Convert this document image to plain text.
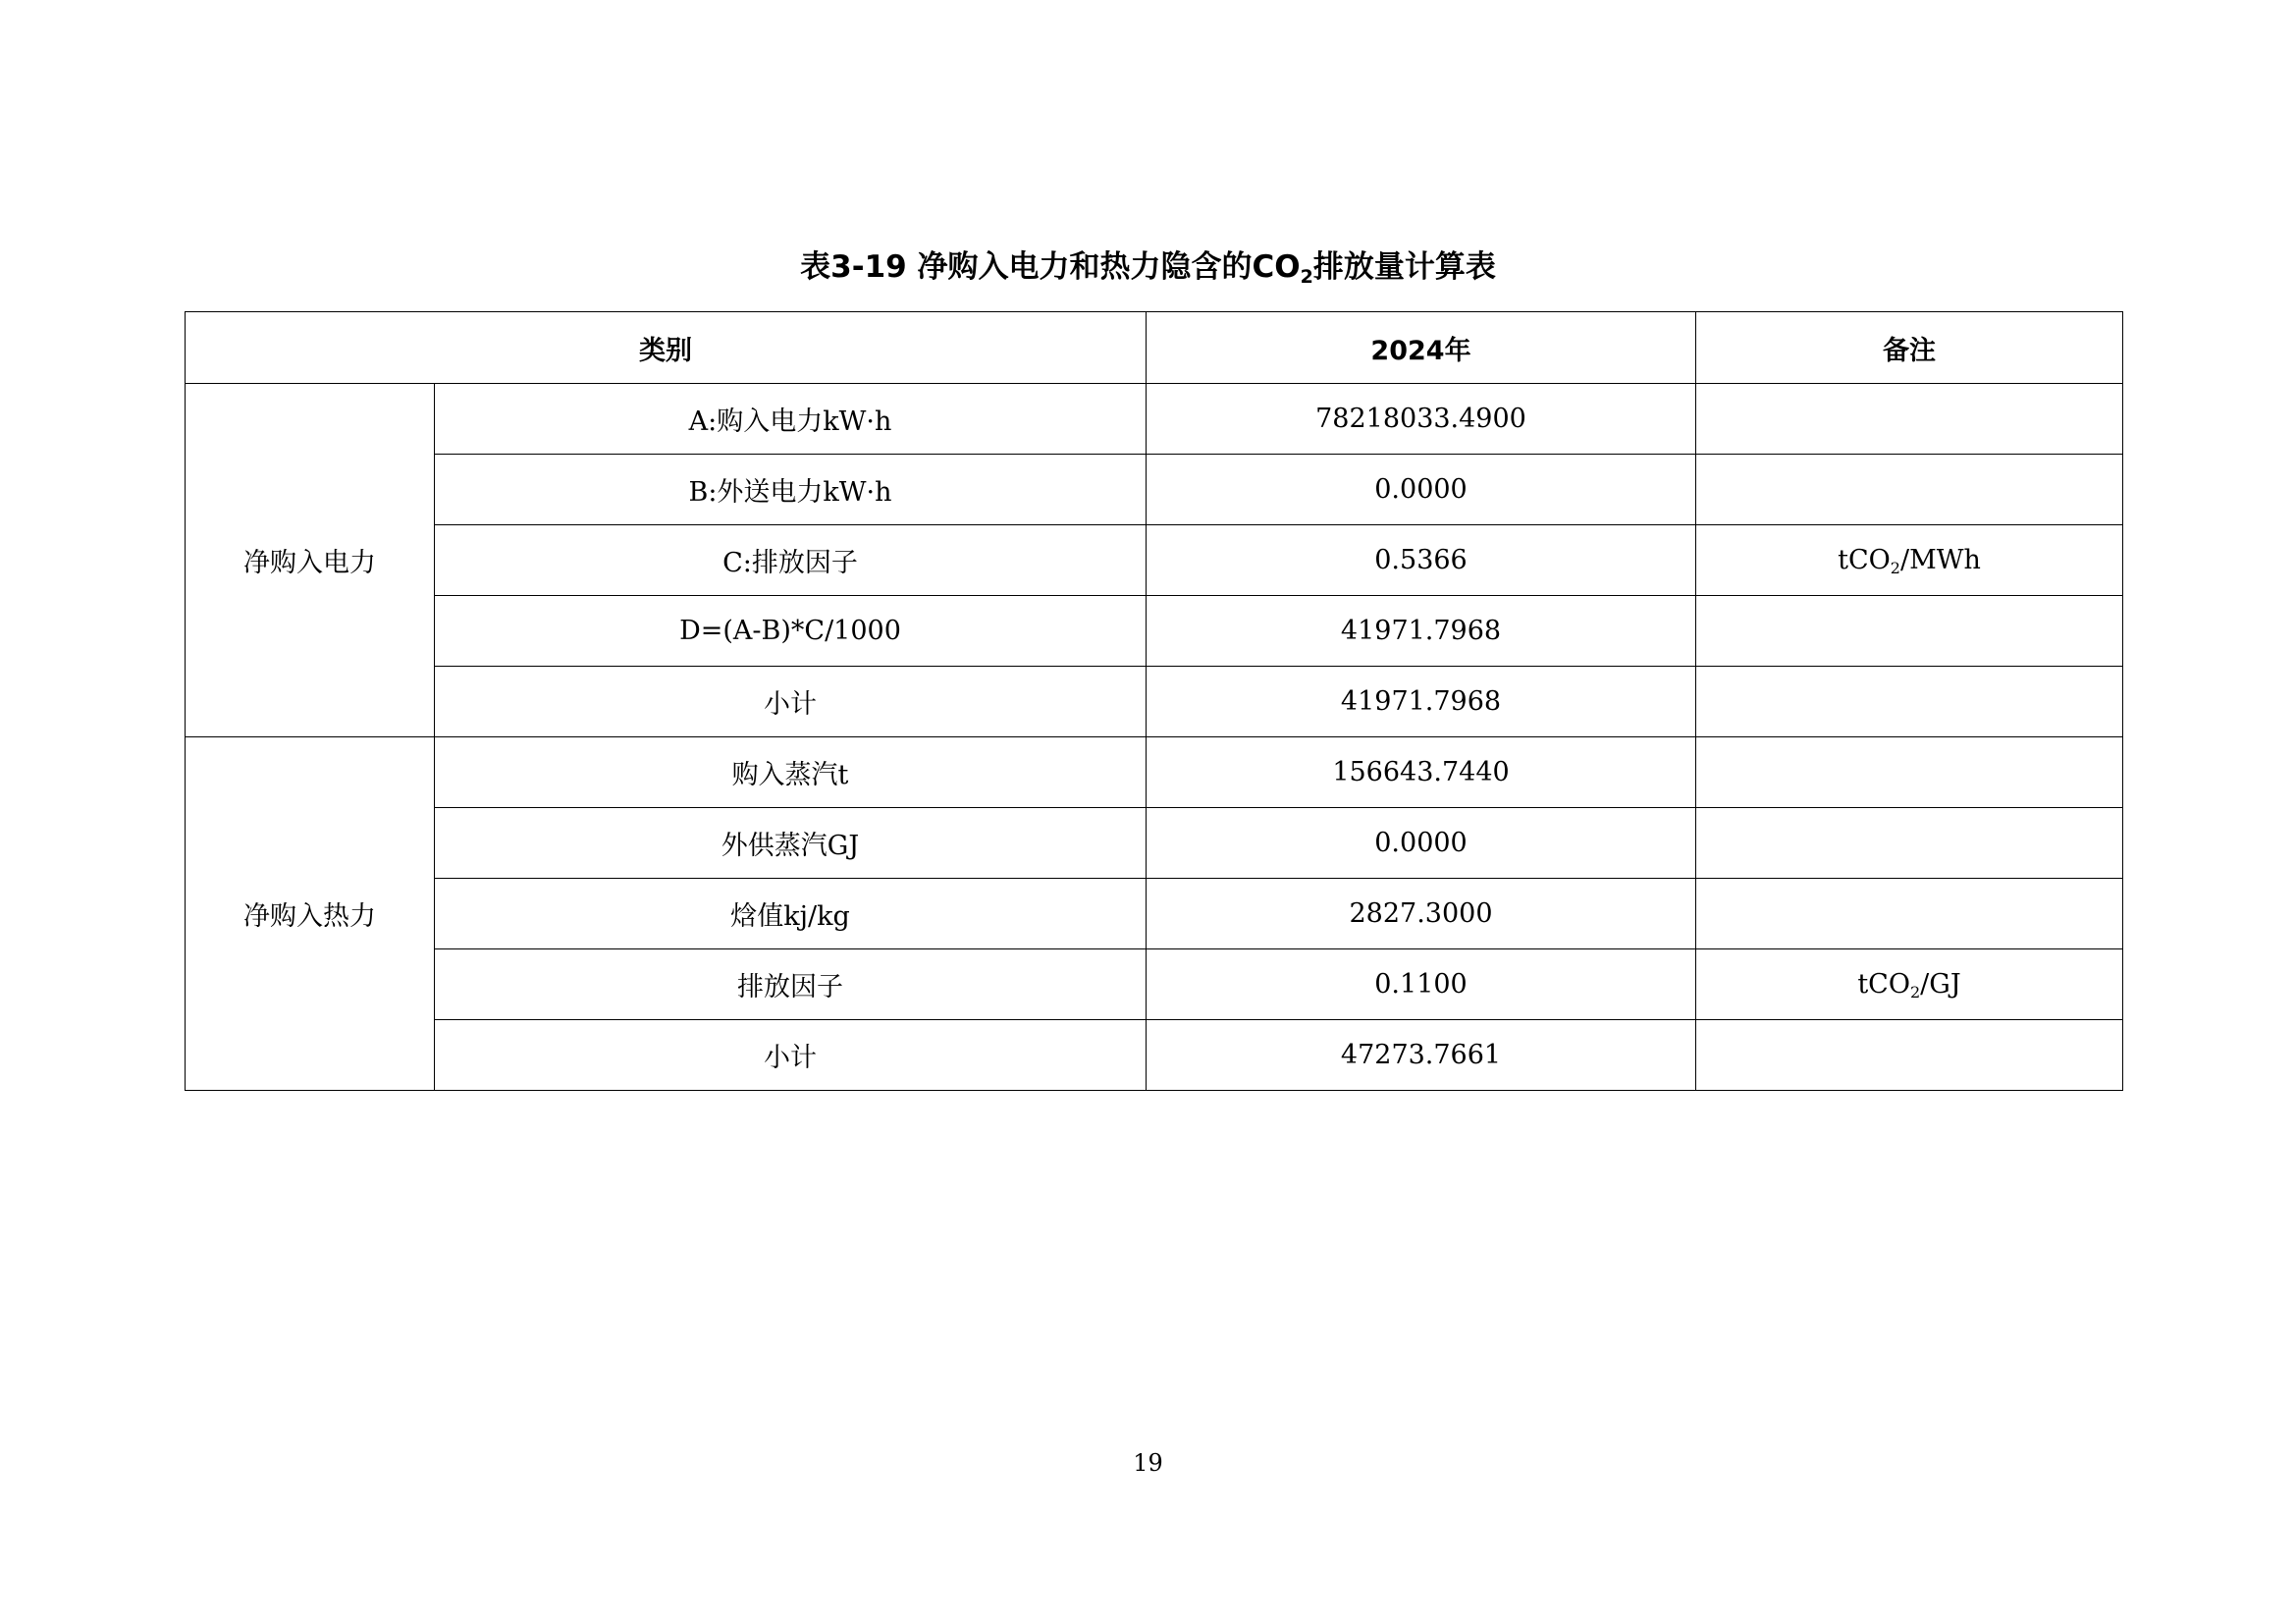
表3-19 净购入电力和热力隐含的$CO_2$排放量计算表
类别		2024年	备注
净购入电力	A:购入电力kW·h	78218033.4900	
	B:外送电力kW·h	0.0000	
	C:排放因子	0.5366	tCO$_2$/MWh
	D=(A-B)*C/1000	41971.7968	
	小计	41971.7968	
净购入热力	购入蒸汽t	156643.7440	
	外供蒸汽GJ	0.0000	
	焓值kj/kg	2827.3000	
	排放因子	0.1100	tCO$_2$/GJ
	小计	47273.7661	
19
